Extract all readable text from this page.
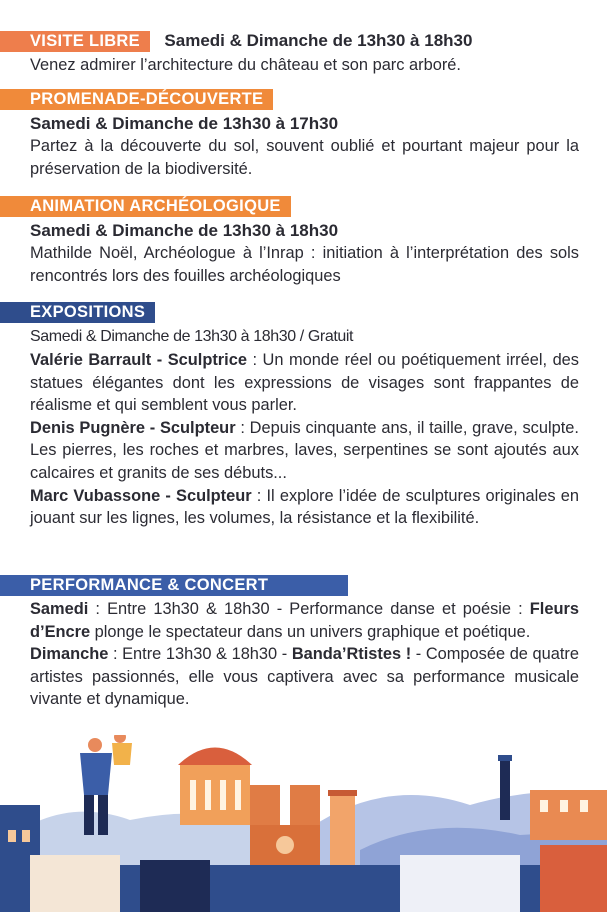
VISITE LIBRE Samedi & Dimanche de 13h30 à 18h30
Venez admirer l’architecture du château et son parc arboré.
PROMENADE-DÉCOUVERTE
Samedi & Dimanche de 13h30 à 17h30
Partez à la découverte du sol, souvent oublié et pourtant majeur pour la préservation de la biodiversité.
ANIMATION ARCHÉOLOGIQUE
Samedi & Dimanche de 13h30 à 18h30
Mathilde Noël, Archéologue à l’Inrap : initiation à l’interprétation des sols rencontrés lors des fouilles archéologiques
EXPOSITIONS
Samedi & Dimanche de 13h30 à 18h30 / Gratuit
Valérie Barrault - Sculptrice : Un monde réel ou poétiquement irréel, des statues élégantes dont les expressions de visages sont frappantes de réalisme et qui semblent vous parler.
Denis Pugnère - Sculpteur : Depuis cinquante ans, il taille, grave, sculpte. Les pierres, les roches et marbres, laves, serpentines se sont ajoutés aux calcaires et granits de ses débuts...
Marc Vubassone - Sculpteur : Il explore l’idée de sculptures originales en jouant sur les lignes, les volumes, la résistance et la flexibilité.
PERFORMANCE & CONCERT
Samedi : Entre 13h30 & 18h30 - Performance danse et poésie : Fleurs d’Encre plonge le spectateur dans un univers graphique et poétique.
Dimanche : Entre 13h30 & 18h30 - Banda’Rtistes ! - Composée de quatre artistes passionnés, elle vous captivera avec sa performance musicale vivante et dynamique.
